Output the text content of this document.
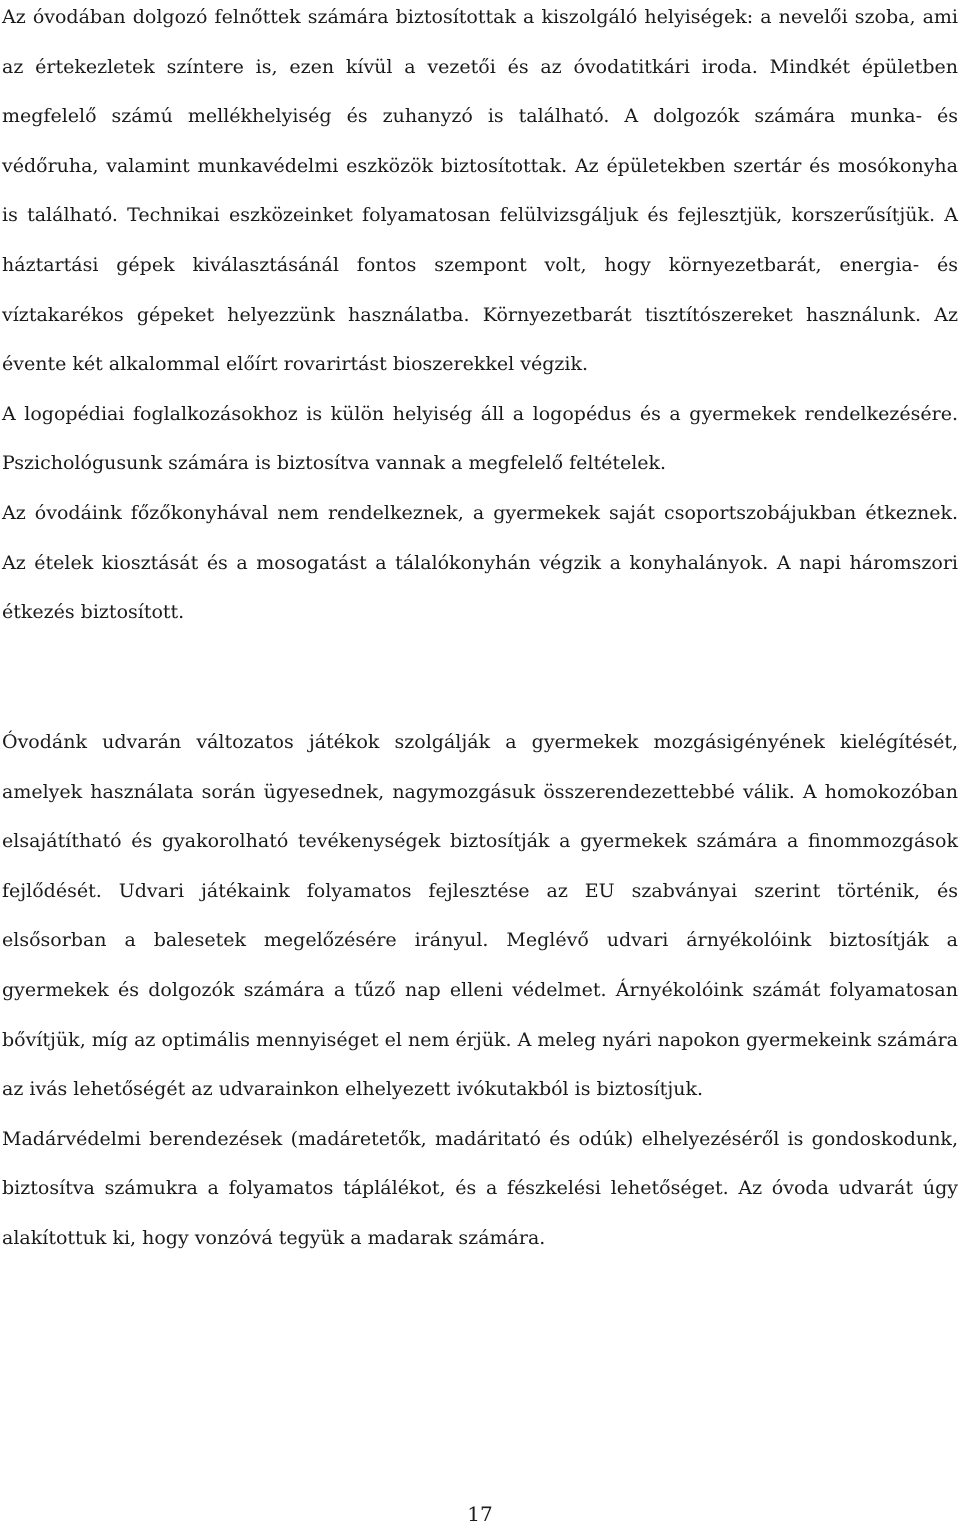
Az óvodában dolgozó felnőttek számára biztosítottak a kiszolgáló helyiségek: a nevelői szoba, ami az értekezletek színtere is, ezen kívül a vezetői és az óvodatitkári iroda. Mindkét épületben megfelelő számú mellékhelyiség és zuhanyzó is található. A dolgozók számára munka- és védőruha, valamint munkavédelmi eszközök biztosítottak. Az épületekben szertár és mosókonyha is található. Technikai eszközeinket folyamatosan felülvizsgáljuk és fejlesztjük, korszerűsítjük. A háztartási gépek kiválasztásánál fontos szempont volt, hogy környezetbarát, energia- és víztakarékos gépeket helyezzünk használatba. Környezetbarát tisztítószereket használunk. Az évente két alkalommal előírt rovarirtást bioszerekkel végzik.

A logopédiai foglalkozásokhoz is külön helyiség áll a logopédus és a gyermekek rendelkezésére. Pszichológusunk számára is biztosítva vannak a megfelelő feltételek.

Az óvodáink főzőkonyhával nem rendelkeznek, a gyermekek saját csoportszobájukban étkeznek. Az ételek kiosztását és a mosogatást a tálalókonyhán végzik a konyhalányok. A napi háromszori étkezés biztosított.

Óvodánk udvarán változatos játékok szolgálják a gyermekek mozgásigényének kielégítését, amelyek használata során ügyesednek, nagymozgásuk összerendezettebbé válik. A homokozóban elsajátítható és gyakorolható tevékenységek biztosítják a gyermekek számára a finommozgások fejlődését. Udvari játékaink folyamatos fejlesztése az EU szabványai szerint történik, és elsősorban a balesetek megelőzésére irányul. Meglévő udvari árnyékolóink biztosítják a gyermekek és dolgozók számára a tűző nap elleni védelmet. Árnyékolóink számát folyamatosan bővítjük, míg az optimális mennyiséget el nem érjük. A meleg nyári napokon gyermekeink számára az ivás lehetőségét az udvarainkon elhelyezett ivókutakból is biztosítjuk.

Madárvédelmi berendezések (madáretetők, madáritató és odúk) elhelyezéséről is gondoskodunk, biztosítva számukra a folyamatos táplálékot, és a fészkelési lehetőséget. Az óvoda udvarát úgy alakítottuk ki, hogy vonzóvá tegyük a madarak számára.

17
